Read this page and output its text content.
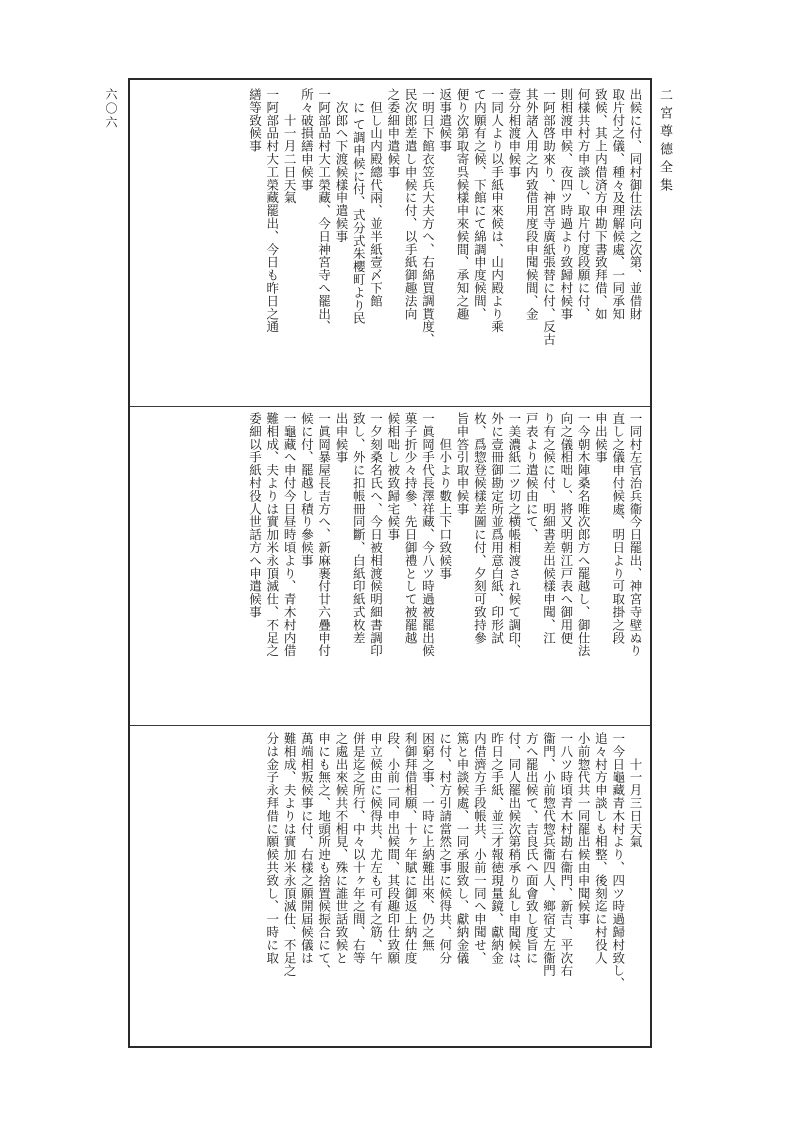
二宮尊德全集
六〇六	出候に付、同村御仕法向之次第、並借財

取片付之儀、種々及理解候處、一同承知

致候、其上内借済方申勘下書致拜借、如

何樣共村方申談し、取片付度段願に付、

則相渡申候、夜四ツ時過より致歸村候事

一阿部啓助來り、神宮寺廣紙張替に付、反古

其外諸入用之内致借用度段申聞候間、金

壹分相渡申候事

一同人より以手紙申來候は、山内殿より乘

て内願有之候、下館にて綿調申度候間、

便り次第取寄呉候樣申來候間、承知之趣

返事遣候事

一明日下館衣笠兵大夫方へ、右綿買調貰度、

民次郎差遣し申候に付、以手紙御趣法向

之委細申遣候事

　但し山内殿總代兩、並半紙壹〆下館

　に て調申候に付、式分式朱櫻町より民

　次郎へ下渡候樣申遣候事

一阿部品村大工榮藏、今日神宮寺へ罷出、

所々破損繕申候事

　　十一月二日天氣

一阿部品村大工榮藏罷出、今日も昨日之通

繕等致候事

一同村左官治兵衞今日罷出、神宮寺壁ぬり

直し之儀申付候處、明日より可取掛之段

申出候事

一今朝木陣桑名唯次郎方へ罷越し、御仕法

向之儀相咄し、將又明朝江戸表へ御用便

り有之候に付、明細書差出候樣申聞、江

戸表より遣候由にて、

一美濃紙二ツ切之横帳相渡され候て調印、

外に壹冊御勘定所並爲用意白紙、印形試

枚、爲惣登候樣差圖に付、夕刻可致持參

旨申答引取申候事

　　但小より數上下口致候事

一眞岡手代長澤祥藏、今八ツ時過被罷出候

菓子折少々持參、先日御禮として被罷越

候相咄し被致歸宅候事

一夕刻桑名氏へ、今日被相渡候明細書調印

致し、外に扣帳冊同斷、白紙印紙式枚差

出申候事

一眞岡暴屋長吉方へ、新麻裹付廿六疊申付

候に付、罷越し積り參候事

一龜藏へ申付今日昼時頃より、青木村内借

難相成、夫よりは實加米永頂滅仕、不足之

委細以手紙村役人世話方へ申遣候事

　　十一月三日天氣

一今日龜藏青木村より、四ツ時過歸村致し、

追々村方申談しも相整、後刻迄に村役人

小前惣代共一同罷出候由申聞候事

一八ツ時頃青木村勘右衞門、新吉、平次右

衞門、小前惣代惣兵衞四人、鄉宿丈左衞門

方へ罷出候て、吉良氏へ面會致し度旨に

付、同人罷出候次第稍承り糺し申聞候は、

昨日之手紙、並三才報徳現量鏡、獻納金

内借濟方手段帳共、小前一同へ申聞せ、

篤と申談候處、一同承服致し、獻納金儀

に付、村方引請當然之事に候得共、何分

困窮之事、一時に上納難出來、仍之無

利御拜借相願、十ヶ年賦に御返上納仕度

段、小前一同申出候間、其段趣印仕致願

申立候由に候得共、尤左も可有之筋、午

併是迄之所行、中々以十ヶ年之間、右等

之處出來候共不相見、殊に誰世話致候と

申にも無之、地頭所迚も捨置候振合にて、

萬端相叛候事に付、右樣之願開届候儀は

難相成、夫よりは實加米永頂滅仕、不足之

分は金子永拜借に願候共致し、一時に取
